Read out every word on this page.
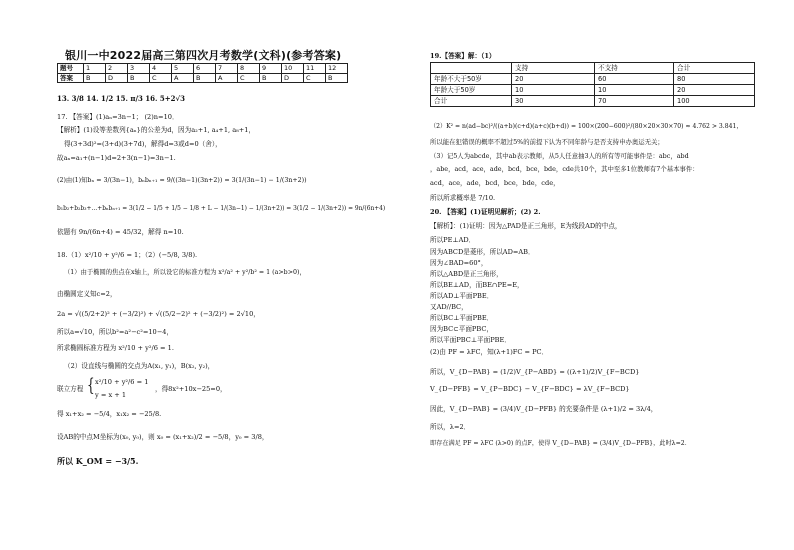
银川一中2022届高三第四次月考数学(文科)(参考答案)
题号	1	2	3	4	5	6	7	8	9	10	11	12
答案	B	D	B	C	A	B	A	C	B	D	C	B
13. 3/8 14. 1/2 15. π/3 16. 5+2√3
17. 【答案】(1)aₙ=3n−1； (2)n=10．
【解析】(1)设等差数列{aₙ}的公差为d，因为a₂+1, a₄+1, a₈+1，
得(3+3d)²=(3+d)(3+7d)，解得d=3或d=0（舍），
故aₙ=a₁+(n−1)d=2+3(n−1)=3n−1.
(2)由(1)知bₙ = 3/(3n−1)，bₙbₙ₊₁ = 9/((3n−1)(3n+2)) = 3(1/(3n−1) − 1/(3n+2))
b₁b₂+b₂b₃+…+bₙbₙ₊₁ = 3(1/2 − 1/5 + 1/5 − 1/8 + L − 1/(3n−1) − 1/(3n+2)) = 3(1/2 − 1/(3n+2)) = 9n/(6n+4)
依题有 9n/(6n+4) = 45/32，解得 n=10.
18.（1）x²/10 + y²/6 = 1；（2）(−5/8, 3/8).
（1）由于椭圆的焦点在x轴上，所以设它的标准方程为 x²/a² + y²/b² = 1 (a>b>0)，
由椭圆定义知c=2，
2a = √((5/2+2)² + (−3/2)²) + √((5/2−2)² + (−3/2)²) = 2√10，
所以a=√10，所以b²=a²−c²=10−4，
所求椭圆标准方程为 x²/10 + y²/6 = 1.
（2）设直线与椭圆的交点为A(x₁, y₁)，B(x₂, y₂)，
联立方程 { x²/10 + y²/6 = 1
y = x + 1
，得8x²+10x−25=0，
得 x₁+x₂ = −5/4，x₁x₂ = −25/8.
设AB的中点M坐标为(x₀, y₀)，则 x₀ = (x₁+x₂)/2 = −5/8，y₀ = 3/8，
所以 K_OM = −3/5.
19.【答案】解：（1）
	支持	不支持	合计
年龄不大于50岁	20	60	80
年龄大于50岁	10	10	20
合计	30	70	100
（2）K² = n(ad−bc)²/((a+b)(c+d)(a+c)(b+d)) = 100×(200−600)²/(80×20×30×70) ≈ 4.762 > 3.841，
所以能在犯错误的概率不超过5%的前提下认为不同年龄与是否支持申办奥运无关；
（3）记5人为abcde，其中ab表示教师，从5人任意抽3人的所有等可能事件是：abc，abd
，abe，acd，ace，ade，bcd，bce，bde，cde共10个，其中至多1位教师有7个基本事件：
acd，ace，ade，bcd，bce，bde，cde，
所以所求概率是 7/10.
20. 【答案】(1)证明见解析；(2) 2.
【解析】：(1)证明：因为△PAD是正三角形，E为线段AD的中点，
所以PE⊥AD．
因为ABCD是菱形，所以AD=AB．
因为∠BAD=60°，
所以△ABD是正三角形，
所以BE⊥AD，而BE∩PE=E，
所以AD⊥平面PBE．
又AD//BC，
所以BC⊥平面PBE．
因为BC⊂平面PBC，
所以平面PBC⊥平面PBE．
(2)由 PF = λFC，知(λ+1)FC = PC．
所以，V_{D−PAB} = (1/2)V_{P−ABD} = ((λ+1)/2)V_{F−BCD}
V_{D−PFB} = V_{P−BDC} − V_{F−BDC} = λV_{F−BCD}
因此，V_{D−PAB} = (3/4)V_{D−PFB} 的充要条件是 (λ+1)/2 = 3λ/4，
所以，λ=2．
即存在满足 PF = λFC (λ>0) 的点F，使得 V_{D−PAB} = (3/4)V_{D−PFB}，此时λ=2．
